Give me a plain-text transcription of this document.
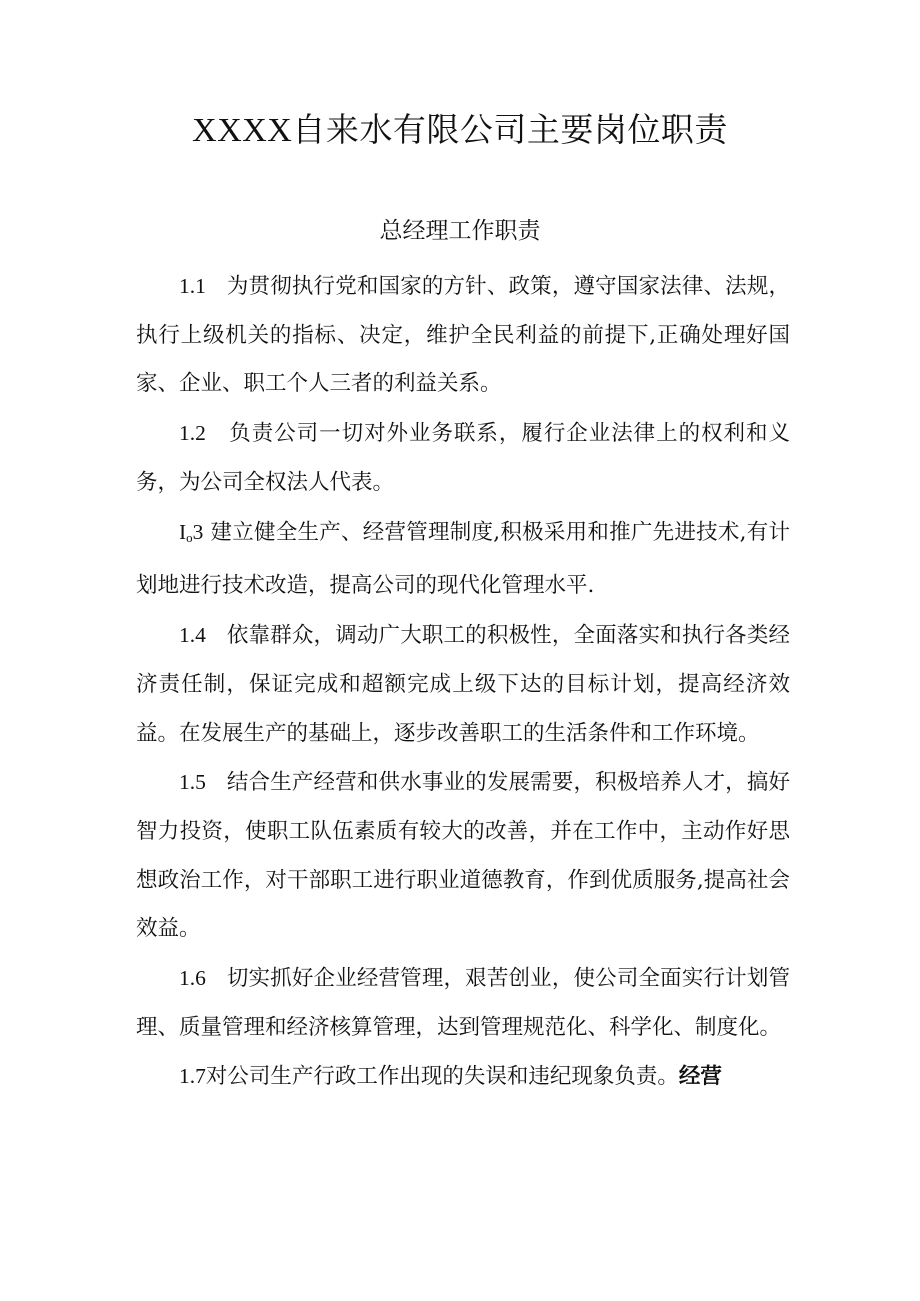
XXXX自来水有限公司主要岗位职责
总经理工作职责

1.1 为贯彻执行党和国家的方针、政策，遵守国家法律、法规，执行上级机关的指标、决定，维护全民利益的前提下,正确处理好国家、企业、职工个人三者的利益关系。

1.2 负责公司一切对外业务联系，履行企业法律上的权利和义务，为公司全权法人代表。

$I_o3$ 建立健全生产、经营管理制度,积极采用和推广先进技术,有计划地进行技术改造，提高公司的现代化管理水平.

1.4 依靠群众，调动广大职工的积极性，全面落实和执行各类经济责任制，保证完成和超额完成上级下达的目标计划，提高经济效益。在发展生产的基础上，逐步改善职工的生活条件和工作环境。

1.5 结合生产经营和供水事业的发展需要，积极培养人才，搞好智力投资，使职工队伍素质有较大的改善，并在工作中，主动作好思想政治工作，对干部职工进行职业道德教育，作到优质服务,提高社会效益。

1.6 切实抓好企业经营管理，艰苦创业，使公司全面实行计划管理、质量管理和经济核算管理，达到管理规范化、科学化、制度化。

1.7对公司生产行政工作出现的失误和违纪现象负责。经营
